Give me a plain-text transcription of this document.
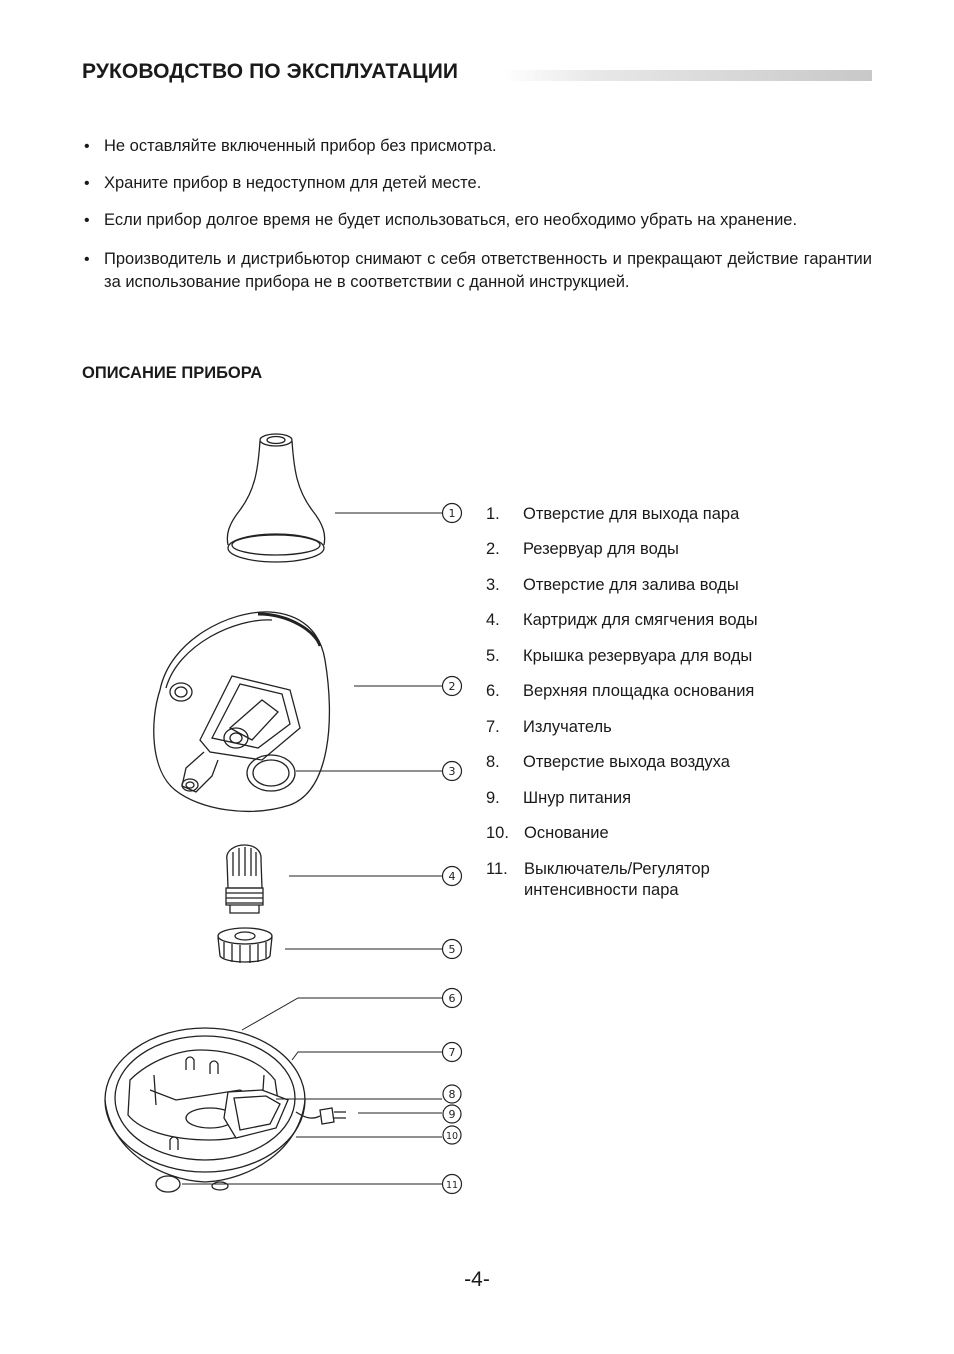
РУКОВОДСТВО ПО ЭКСПЛУАТАЦИИ
• Не оставляйте включенный прибор без присмотра.
• Храните прибор в недоступном для детей месте.
• Если прибор долгое время не будет использоваться, его необходимо убрать на хранение.
• Производитель и дистрибьютор снимают с себя ответственность и прекращают действие гарантии за использование прибора не в соответствии с данной инструкцией.
ОПИСАНИЕ ПРИБОРА
1
2
3
4
5
6
7
8
9
10
11
1. Отверстие для выхода пара
2. Резервуар для воды
3. Отверстие для залива воды
4. Картридж для смягчения воды
5. Крышка резервуара для воды
6. Верхняя площадка основания
7. Излучатель
8. Отверстие выхода воздуха
9. Шнур питания
10. Основание
11. Выключатель/Регулятор
интенсивности пара
-4-
